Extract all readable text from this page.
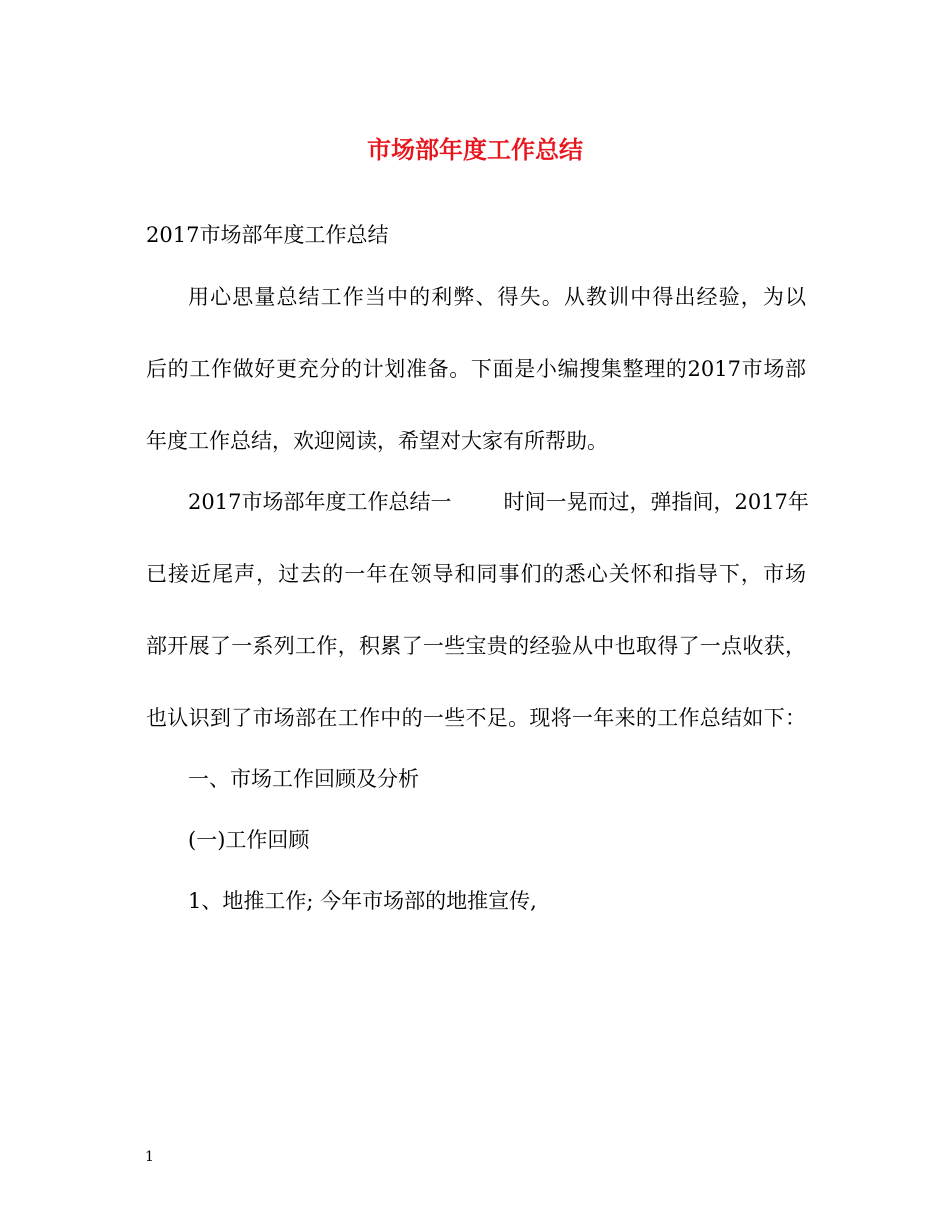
市场部年度工作总结
2017市场部年度工作总结
用心思量总结工作当中的利弊、得失。从教训中得出经验，为以
后的工作做好更充分的计划准备。下面是小编搜集整理的2017市场部
年度工作总结，欢迎阅读，希望对大家有所帮助。
2017市场部年度工作总结一 时间一晃而过，弹指间，2017年
已接近尾声，过去的一年在领导和同事们的悉心关怀和指导下，市场
部开展了一系列工作，积累了一些宝贵的经验从中也取得了一点收获，
也认识到了市场部在工作中的一些不足。现将一年来的工作总结如下：
一、市场工作回顾及分析
(一)工作回顾
1、地推工作; 今年市场部的地推宣传,
1
